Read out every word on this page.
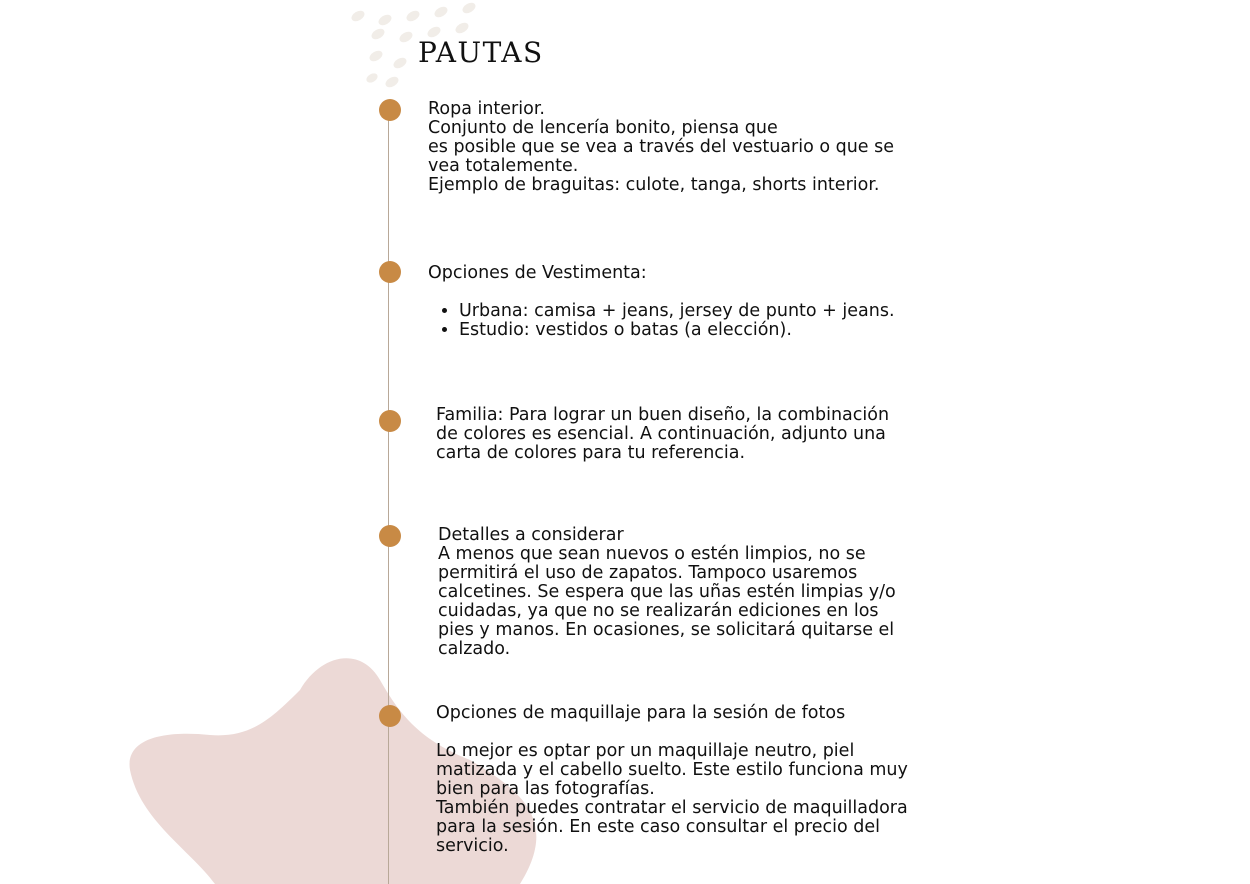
PAUTAS

Ropa interior.

Conjunto de lencería bonito, piensa que

es posible que se vea a través del vestuario o que se

vea totalemente.

Ejemplo de braguitas: culote, tanga, shorts interior.

Opciones de Vestimenta:

• Urbana: camisa + jeans, jersey de punto + jeans.
• Estudio: vestidos o batas (a elección).

Familia: Para lograr un buen diseño, la combinación

de colores es esencial. A continuación, adjunto una

carta de colores para tu referencia.

Detalles a considerar

A menos que sean nuevos o estén limpios, no se

permitirá el uso de zapatos. Tampoco usaremos

calcetines. Se espera que las uñas estén limpias y/o

cuidadas, ya que no se realizarán ediciones en los

pies y manos. En ocasiones, se solicitará quitarse el

calzado.

Opciones de maquillaje para la sesión de fotos

Lo mejor es optar por un maquillaje neutro, piel

matizada y el cabello suelto. Este estilo funciona muy

bien para las fotografías.

También puedes contratar el servicio de maquilladora

para la sesión. En este caso consultar el precio del

servicio.
